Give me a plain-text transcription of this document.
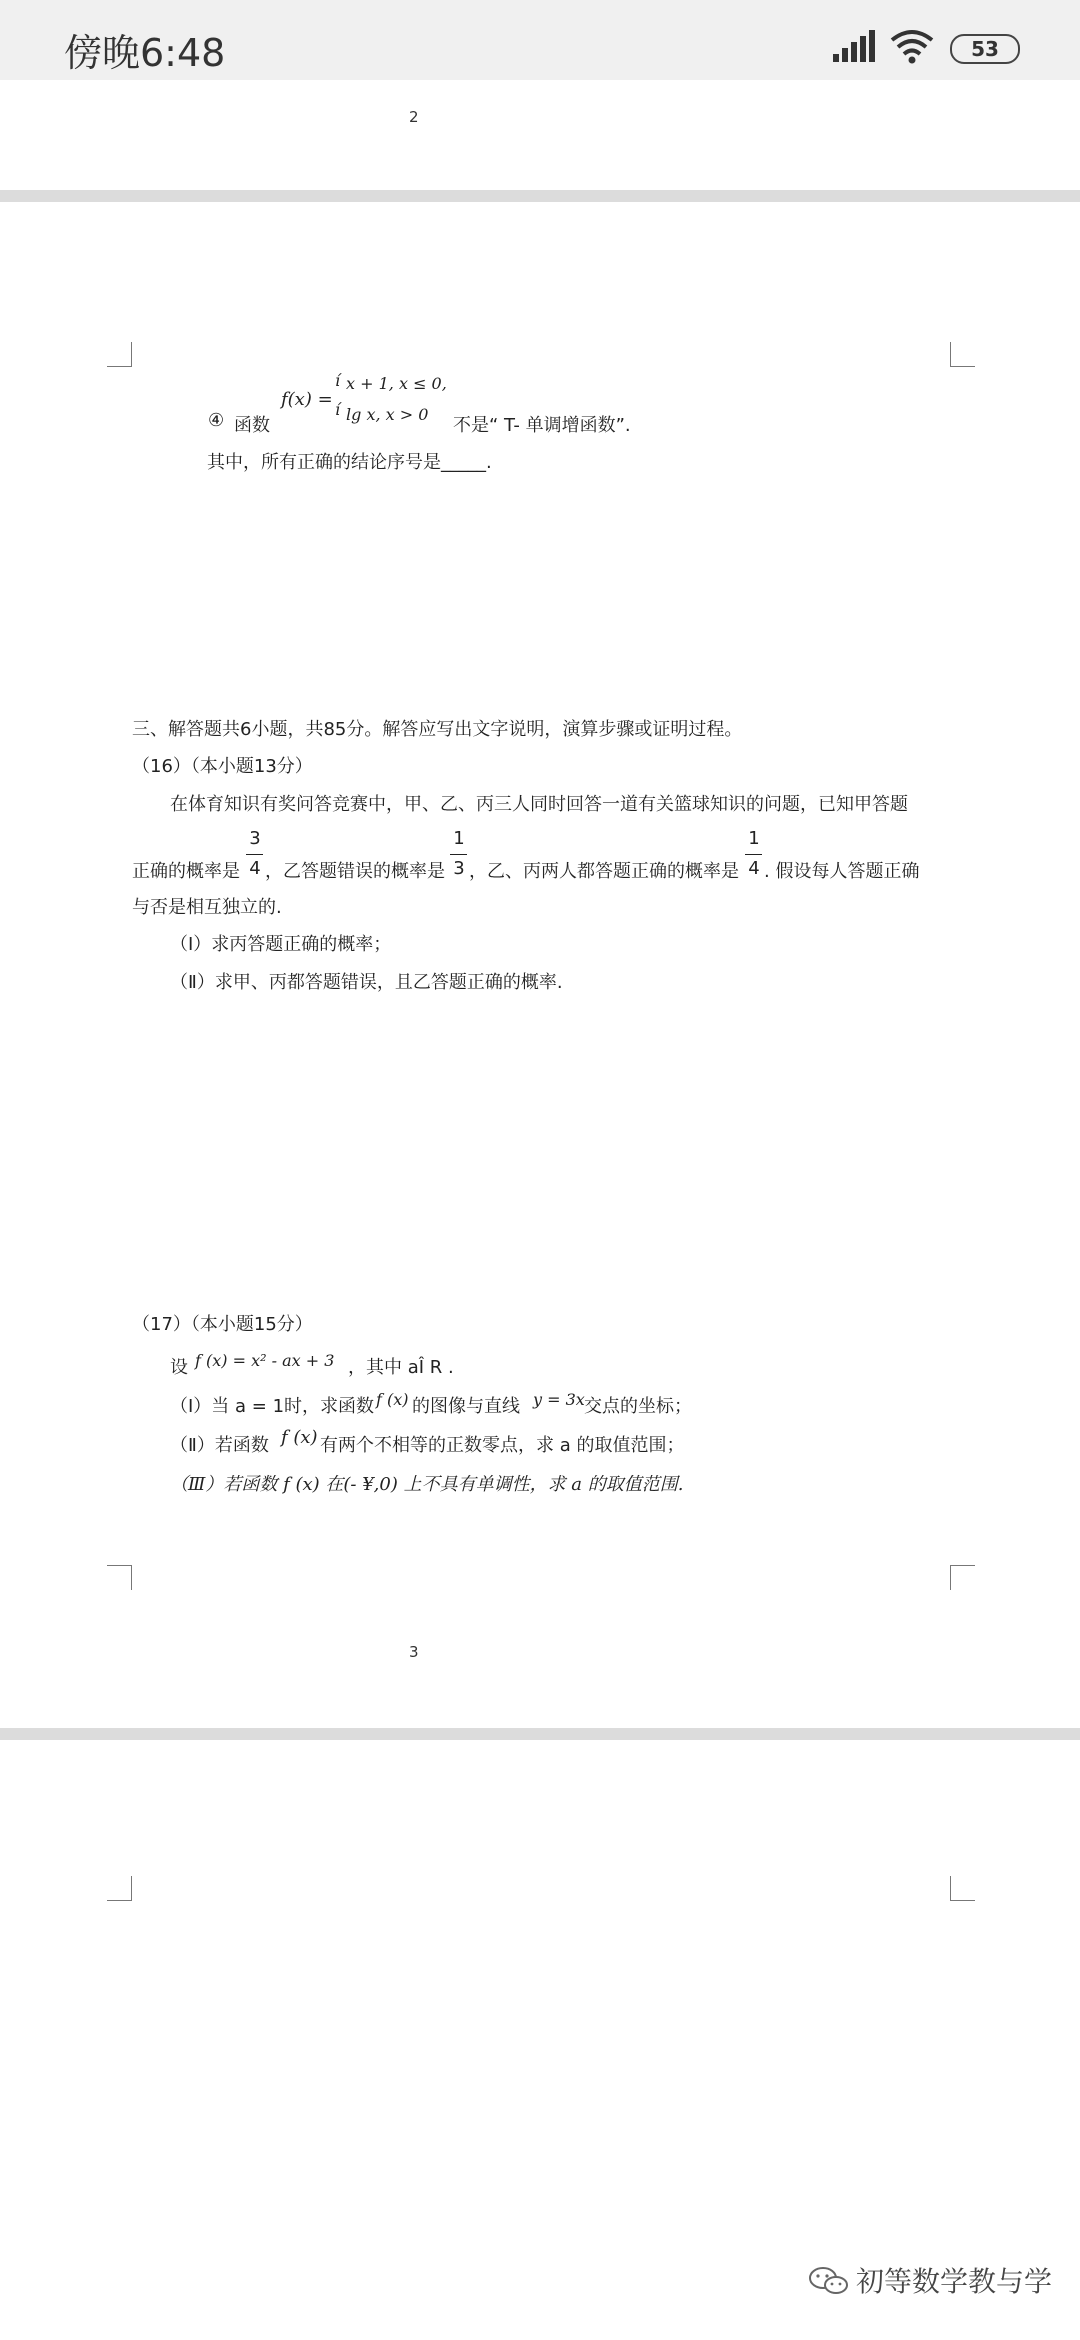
傍晚6:48	53
2
④ 函数
f(x) =
í
í
x + 1, x ≤ 0,
lg x, x > 0
不是“ T- 单调增函数”.
其中，所有正确的结论序号是_____.
三、解答题共6小题，共85分。解答应写出文字说明，演算步骤或证明过程。
（16）（本小题13分）
在体育知识有奖问答竞赛中，甲、乙、丙三人同时回答一道有关篮球知识的问题，已知甲答题
正确的概率是
3
4 ，乙答题错误的概率是
1
3 ，乙、丙两人都答题正确的概率是
1
4 . 假设每人答题正确
与否是相互独立的.
（Ⅰ）求丙答题正确的概率；
（Ⅱ）求甲、丙都答题错误，且乙答题正确的概率.
（17）（本小题15分）
设 f (x) = x² - ax + 3 ，其中 aÎ R .
（Ⅰ）当 a = 1时，求函数 f (x) 的图像与直线 y = 3x 交点的坐标；
（Ⅱ）若函数 f (x) 有两个不相等的正数零点，求 a 的取值范围；
（Ⅲ）若函数 f (x) 在(- ¥,0) 上不具有单调性，求 a 的取值范围.
3
初等数学教与学
